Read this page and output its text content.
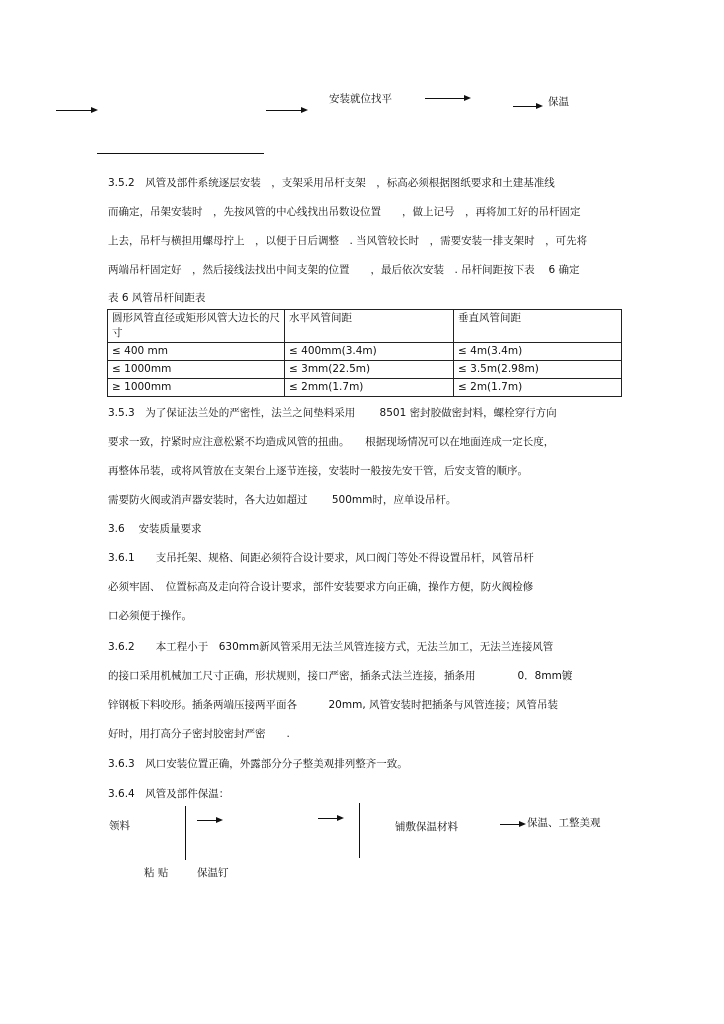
安装就位找平	保温

3.5.2　风管及部件系统逐层安装　，支架采用吊杆支架　，标高必须根据图纸要求和土建基准线

而确定，吊架安装时　，先按风管的中心线找出吊数设位置　　，做上记号　，再将加工好的吊杆固定

上去，吊杆与横担用螺母拧上　，以便于日后调整　. 当风管较长时　，需要安装一排支架时　，可先将

两端吊杆固定好　，然后接线法找出中间支架的位置　　，最后依次安装　. 吊杆间距按下表　 6 确定

表 6 风管吊杆间距表
圆形风管直径或矩形风管大边长的尺寸	水平风管间距	垂直风管间距
≤ 400 mm	≤ 400mm(3.4m)	≤ 4m(3.4m)
≤ 1000mm	≤ 3mm(22.5m)	≤ 3.5m(2.98m)
≥ 1000mm	≤ 2mm(1.7m)	≤ 2m(1.7m)

3.5.3　为了保证法兰处的严密性，法兰之间垫料采用　　 8501 密封胶做密封料，螺栓穿行方向

要求一致，拧紧时应注意松紧不均造成风管的扭曲。　　根据现场情况可以在地面连成一定长度，

再整体吊装，或将风管放在支架台上逐节连接，安装时一般按先安干管，后安支管的顺序。

需要防火阀或消声器安装时，各大边如超过　　 500mm时，应单设吊杆。

3.6　 安装质量要求

3.6.1　　支吊托架、规格、间距必须符合设计要求，风口阀门等处不得设置吊杆，风管吊杆

必须牢固、　位置标高及走向符合设计要求，部件安装要求方向正确，操作方便，防火阀检修

口必须便于操作。

3.6.2　　本工程小于　630mm新风管采用无法兰风管连接方式，无法兰加工，无法兰连接风管

的接口采用机械加工尺寸正确，形状规则，接口严密，插条式法兰连接，插条用　　　　0．8mm镀

锌钢板下料咬形。插条两端压接两平面各　　　20mm, 风管安装时把插条与风管连接；风管吊装

好时，用打高分子密封胶密封严密　　.

3.6.3　风口安装位置正确，外露部分分子整美观排列整齐一致。

3.6.4　风管及部件保温：

领料	铺敷保温材料	保温、工整美观
粘 贴	保温钉
